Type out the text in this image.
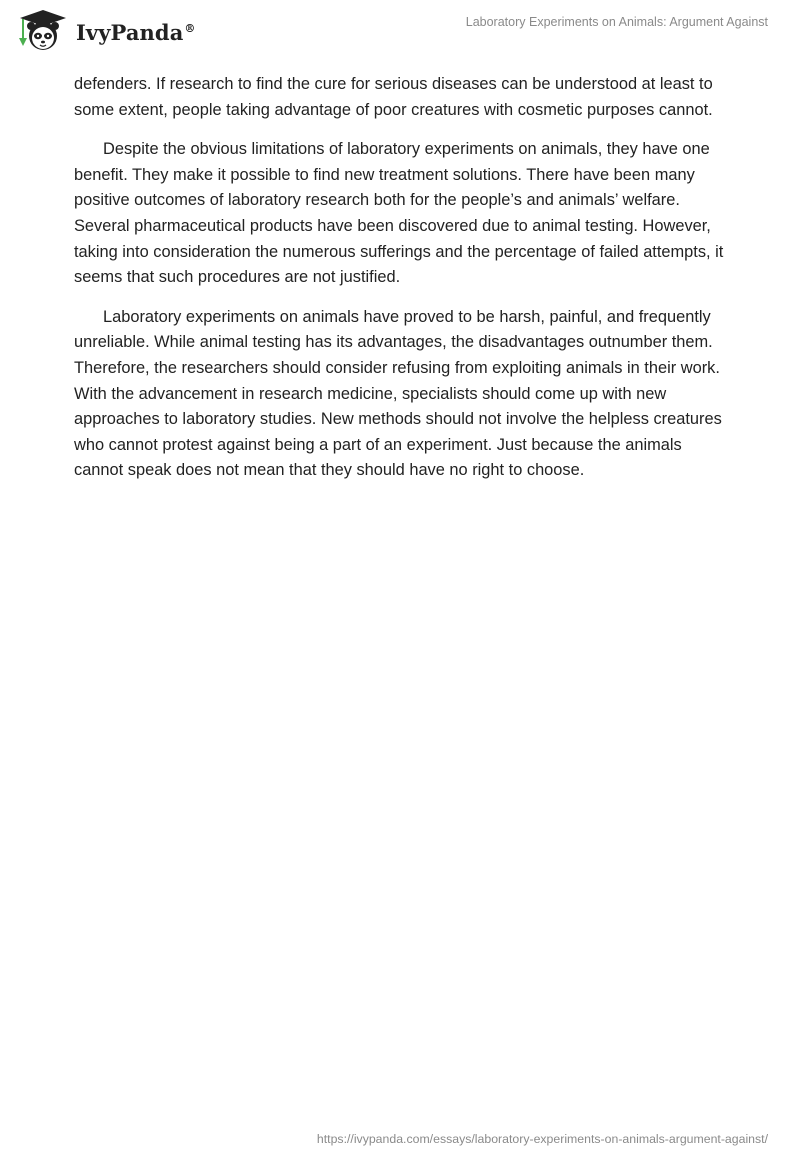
IvyPanda®	Laboratory Experiments on Animals: Argument Against

defenders. If research to find the cure for serious diseases can be understood at least to some extent, people taking advantage of poor creatures with cosmetic purposes cannot.

Despite the obvious limitations of laboratory experiments on animals, they have one benefit. They make it possible to find new treatment solutions. There have been many positive outcomes of laboratory research both for the people’s and animals’ welfare. Several pharmaceutical products have been discovered due to animal testing. However, taking into consideration the numerous sufferings and the percentage of failed attempts, it seems that such procedures are not justified.

Laboratory experiments on animals have proved to be harsh, painful, and frequently unreliable. While animal testing has its advantages, the disadvantages outnumber them. Therefore, the researchers should consider refusing from exploiting animals in their work. With the advancement in research medicine, specialists should come up with new approaches to laboratory studies. New methods should not involve the helpless creatures who cannot protest against being a part of an experiment. Just because the animals cannot speak does not mean that they should have no right to choose.

https://ivypanda.com/essays/laboratory-experiments-on-animals-argument-against/
